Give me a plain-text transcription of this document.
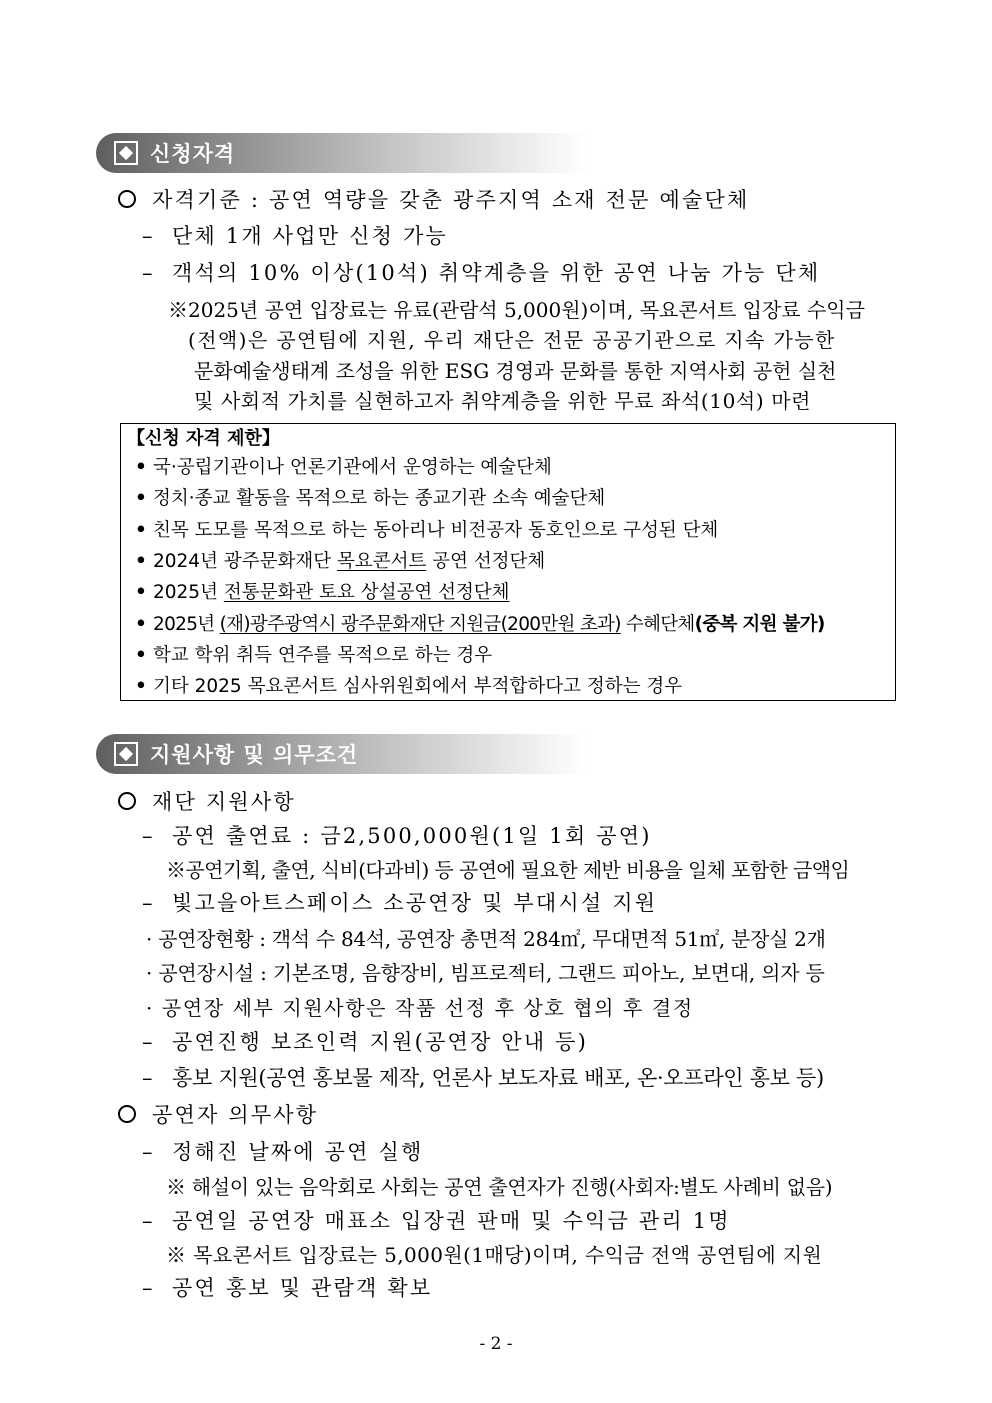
신청자격
자격기준 : 공연 역량을 갖춘 광주지역 소재 전문 예술단체
– 단체 1개 사업만 신청 가능
– 객석의 10% 이상(10석) 취약계층을 위한 공연 나눔 가능 단체
※2025년 공연 입장료는 유료(관람석 5,000원)이며, 목요콘서트 입장료 수익금
(전액)은 공연팀에 지원, 우리 재단은 전문 공공기관으로 지속 가능한
문화예술생태계 조성을 위한 ESG 경영과 문화를 통한 지역사회 공헌 실천
및 사회적 가치를 실현하고자 취약계층을 위한 무료 좌석(10석) 마련
【신청 자격 제한】
• 국·공립기관이나 언론기관에서 운영하는 예술단체
• 정치·종교 활동을 목적으로 하는 종교기관 소속 예술단체
• 친목 도모를 목적으로 하는 동아리나 비전공자 동호인으로 구성된 단체
• 2024년 광주문화재단 목요콘서트 공연 선정단체
• 2025년 전통문화관 토요 상설공연 선정단체
• 2025년 (재)광주광역시 광주문화재단 지원금(200만원 초과) 수혜단체(중복 지원 불가)
• 학교 학위 취득 연주를 목적으로 하는 경우
• 기타 2025 목요콘서트 심사위원회에서 부적합하다고 정하는 경우
지원사항 및 의무조건
재단 지원사항
– 공연 출연료 : 금2,500,000원(1일 1회 공연)
※공연기획, 출연, 식비(다과비) 등 공연에 필요한 제반 비용을 일체 포함한 금액임
– 빛고을아트스페이스 소공연장 및 부대시설 지원
· 공연장현황 : 객석 수 84석, 공연장 총면적 284㎡, 무대면적 51㎡, 분장실 2개
· 공연장시설 : 기본조명, 음향장비, 빔프로젝터, 그랜드 피아노, 보면대, 의자 등
· 공연장 세부 지원사항은 작품 선정 후 상호 협의 후 결정
– 공연진행 보조인력 지원(공연장 안내 등)
– 홍보 지원(공연 홍보물 제작, 언론사 보도자료 배포, 온·오프라인 홍보 등)
공연자 의무사항
– 정해진 날짜에 공연 실행
※ 해설이 있는 음악회로 사회는 공연 출연자가 진행(사회자:별도 사례비 없음)
– 공연일 공연장 매표소 입장권 판매 및 수익금 관리 1명
※ 목요콘서트 입장료는 5,000원(1매당)이며, 수익금 전액 공연팀에 지원
– 공연 홍보 및 관람객 확보
- 2 -
